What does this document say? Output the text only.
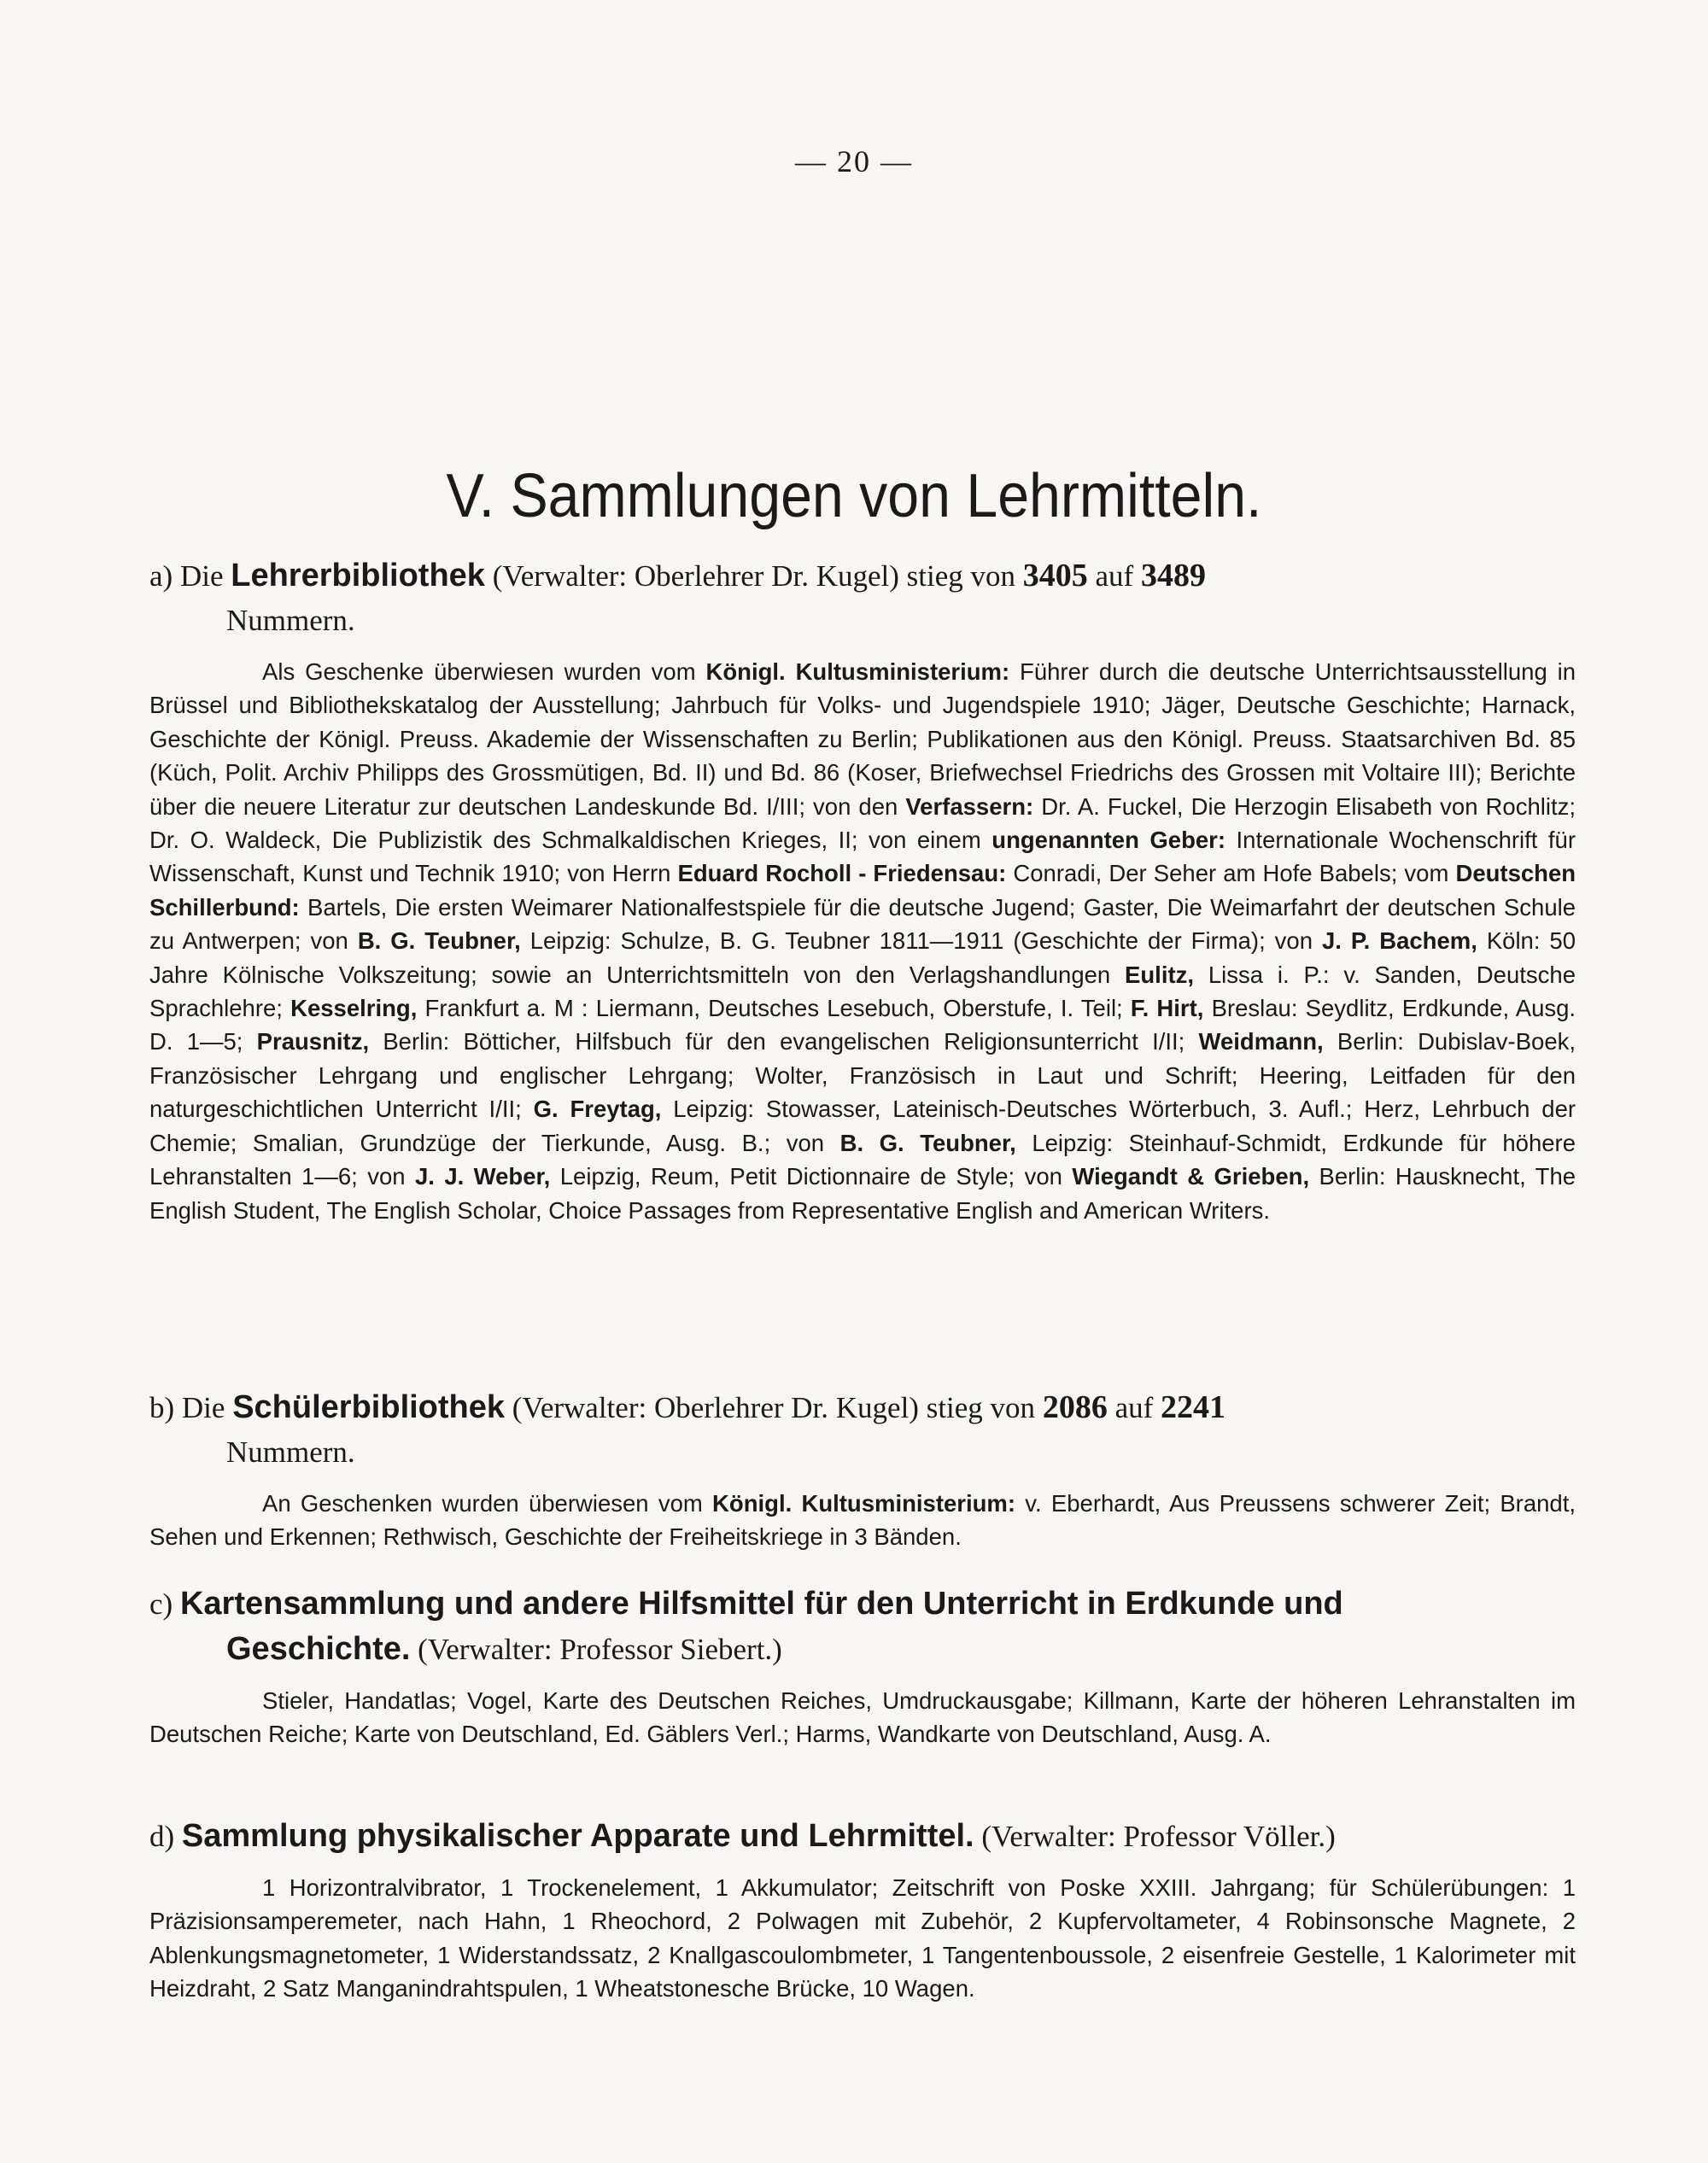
— 20 —
V. Sammlungen von Lehrmitteln.

a) Die Lehrerbibliothek (Verwalter: Oberlehrer Dr. Kugel) stieg von 3405 auf 3489
Nummern.

Als Geschenke überwiesen wurden vom Königl. Kultusministerium: Führer durch die deutsche Unterrichtsausstellung in Brüssel und Bibliothekskatalog der Ausstellung; Jahrbuch für Volks- und Jugendspiele 1910; Jäger, Deutsche Geschichte; Harnack, Geschichte der Königl. Preuss. Akademie der Wissenschaften zu Berlin; Publikationen aus den Königl. Preuss. Staatsarchiven Bd. 85 (Küch, Polit. Archiv Philipps des Grossmütigen, Bd. II) und Bd. 86 (Koser, Briefwechsel Friedrichs des Grossen mit Voltaire III); Berichte über die neuere Literatur zur deutschen Landeskunde Bd. I/III; von den Verfassern: Dr. A. Fuckel, Die Herzogin Elisabeth von Rochlitz; Dr. O. Waldeck, Die Publizistik des Schmalkaldischen Krieges, II; von einem ungenannten Geber: Internationale Wochenschrift für Wissenschaft, Kunst und Technik 1910; von Herrn Eduard Rocholl - Friedensau: Conradi, Der Seher am Hofe Babels; vom Deutschen Schillerbund: Bartels, Die ersten Weimarer Nationalfestspiele für die deutsche Jugend; Gaster, Die Weimarfahrt der deutschen Schule zu Antwerpen; von B. G. Teubner, Leipzig: Schulze, B. G. Teubner 1811—1911 (Geschichte der Firma); von J. P. Bachem, Köln: 50 Jahre Kölnische Volkszeitung; sowie an Unterrichtsmitteln von den Verlagshandlungen Eulitz, Lissa i. P.: v. Sanden, Deutsche Sprachlehre; Kesselring, Frankfurt a. M : Liermann, Deutsches Lesebuch, Oberstufe, I. Teil; F. Hirt, Breslau: Seydlitz, Erdkunde, Ausg. D. 1—5; Prausnitz, Berlin: Bötticher, Hilfsbuch für den evangelischen Religionsunterricht I/II; Weidmann, Berlin: Dubislav-Boek, Französischer Lehrgang und englischer Lehrgang; Wolter, Französisch in Laut und Schrift; Heering, Leitfaden für den naturgeschichtlichen Unterricht I/II; G. Freytag, Leipzig: Stowasser, Lateinisch-Deutsches Wörterbuch, 3. Aufl.; Herz, Lehrbuch der Chemie; Smalian, Grundzüge der Tierkunde, Ausg. B.; von B. G. Teubner, Leipzig: Steinhauf-Schmidt, Erdkunde für höhere Lehranstalten 1—6; von J. J. Weber, Leipzig, Reum, Petit Dictionnaire de Style; von Wiegandt & Grieben, Berlin: Hausknecht, The English Student, The English Scholar, Choice Passages from Representative English and American Writers.

b) Die Schülerbibliothek (Verwalter: Oberlehrer Dr. Kugel) stieg von 2086 auf 2241
Nummern.

An Geschenken wurden überwiesen vom Königl. Kultusministerium: v. Eberhardt, Aus Preussens schwerer Zeit; Brandt, Sehen und Erkennen; Rethwisch, Geschichte der Freiheitskriege in 3 Bänden.

c) Kartensammlung und andere Hilfsmittel für den Unterricht in Erdkunde und
Geschichte. (Verwalter: Professor Siebert.)

Stieler, Handatlas; Vogel, Karte des Deutschen Reiches, Umdruckausgabe; Killmann, Karte der höheren Lehranstalten im Deutschen Reiche; Karte von Deutschland, Ed. Gäblers Verl.; Harms, Wandkarte von Deutschland, Ausg. A.

d) Sammlung physikalischer Apparate und Lehrmittel. (Verwalter: Professor Völler.)

1 Horizontralvibrator, 1 Trockenelement, 1 Akkumulator; Zeitschrift von Poske XXIII. Jahrgang; für Schülerübungen: 1 Präzisionsamperemeter, nach Hahn, 1 Rheochord, 2 Polwagen mit Zubehör, 2 Kupfervoltameter, 4 Robinsonsche Magnete, 2 Ablenkungsmagnetometer, 1 Widerstandssatz, 2 Knallgascoulombmeter, 1 Tangentenboussole, 2 eisenfreie Gestelle, 1 Kalorimeter mit Heizdraht, 2 Satz Manganindrahtspulen, 1 Wheatstonesche Brücke, 10 Wagen.
